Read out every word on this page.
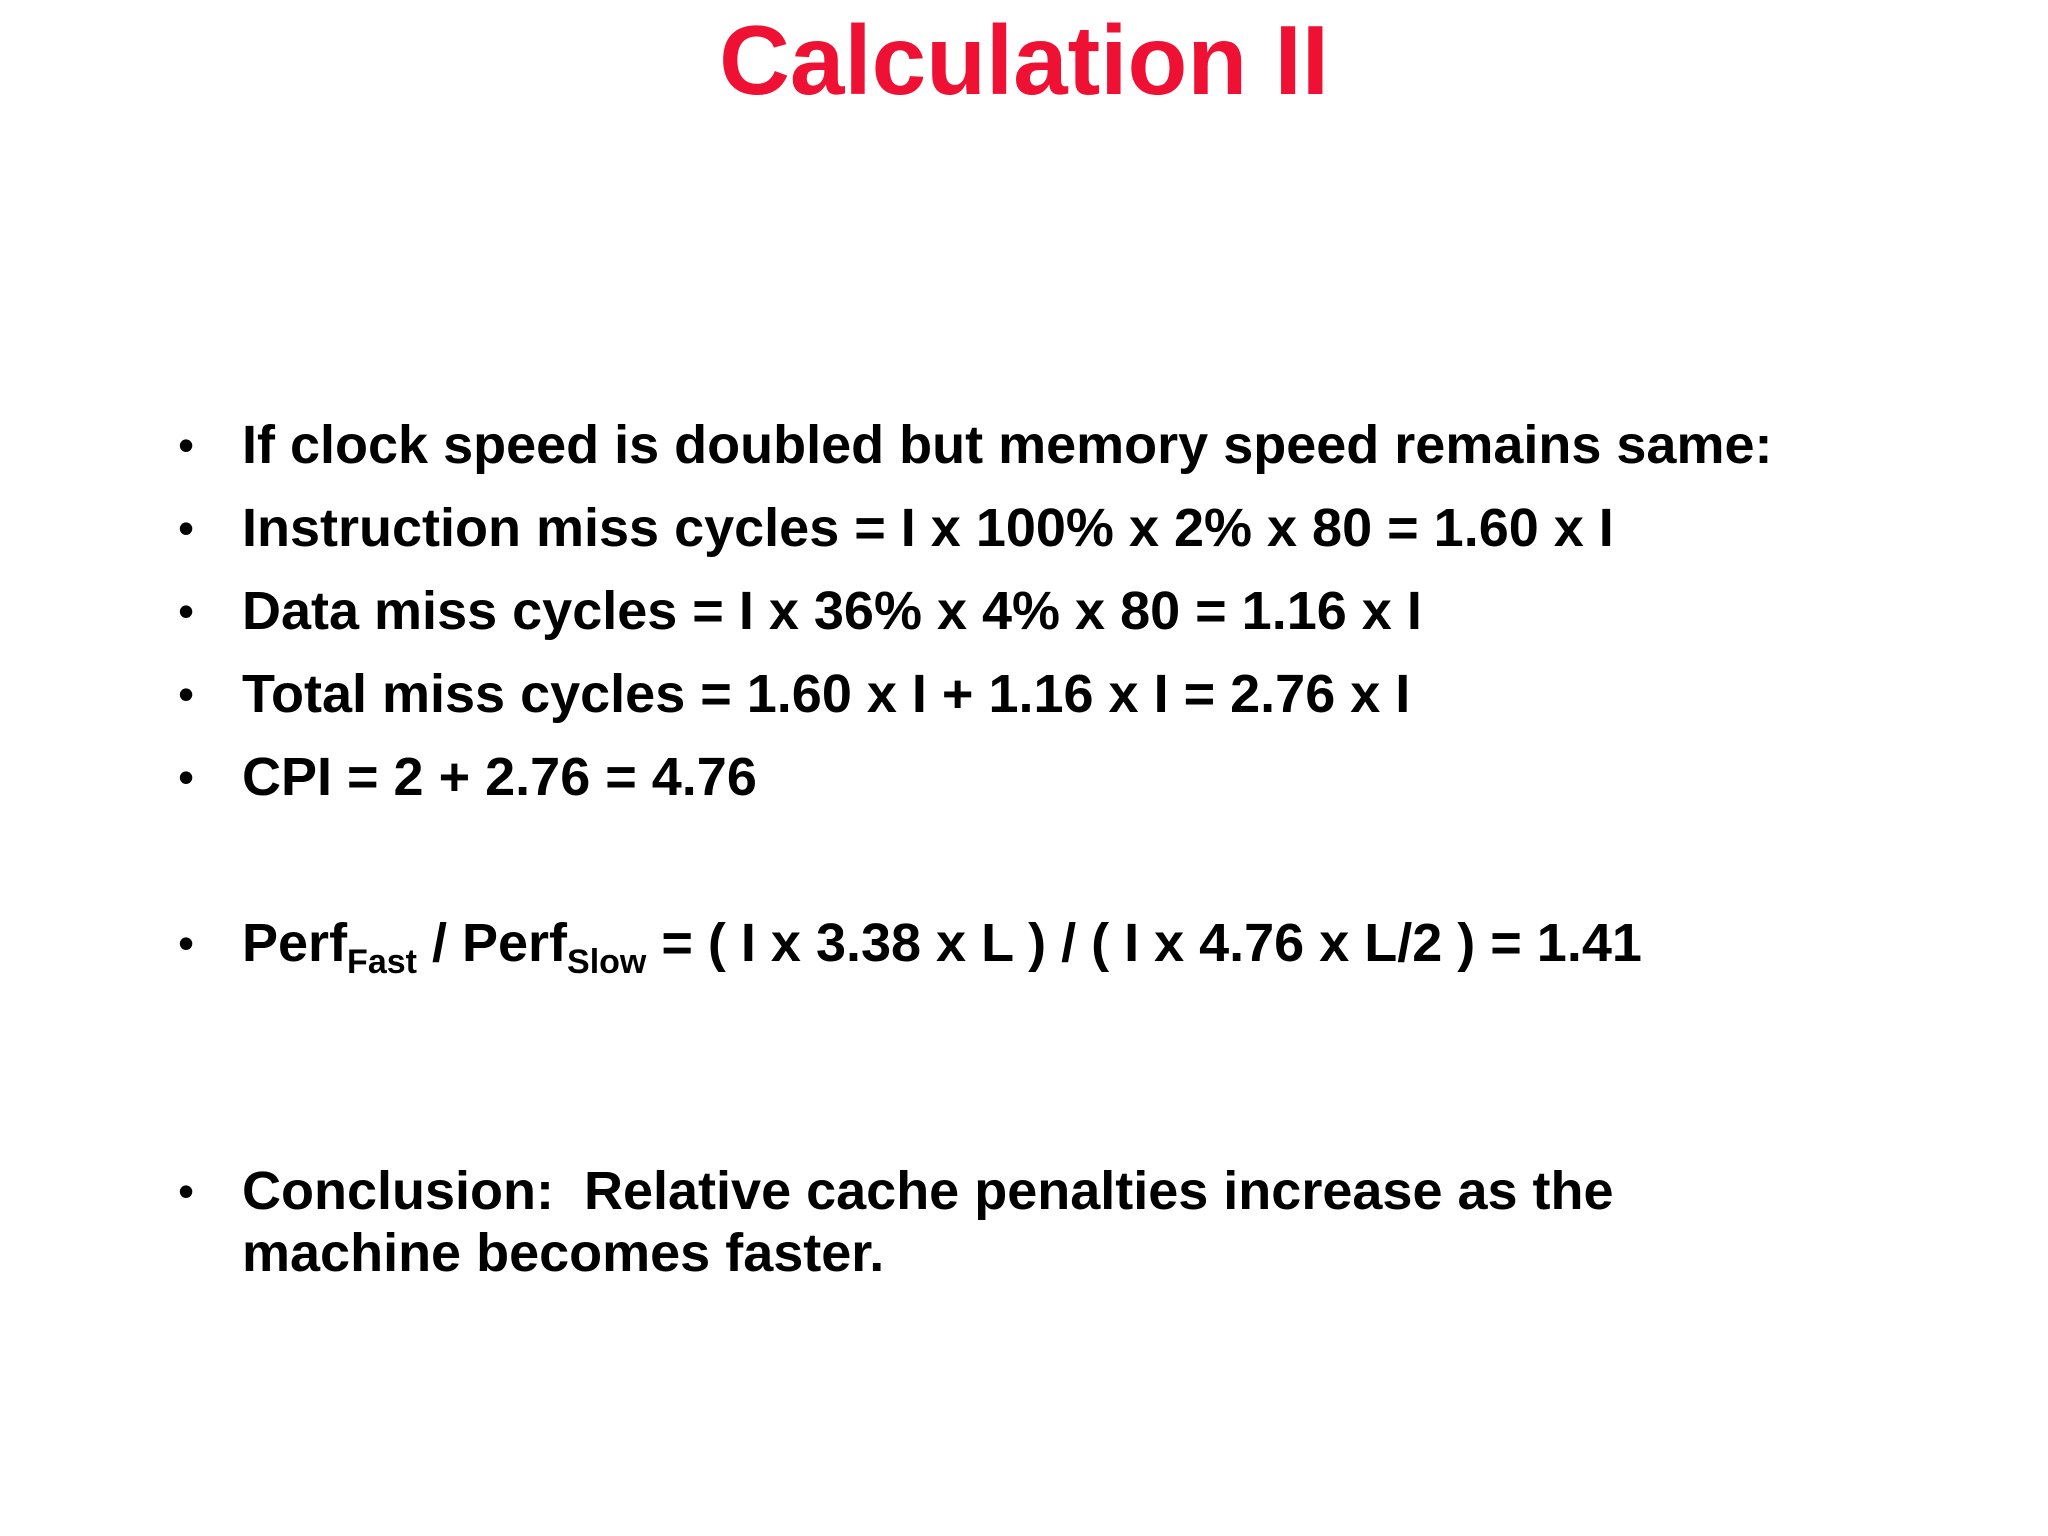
Calculation II
• If clock speed is doubled but memory speed remains same:
• Instruction miss cycles = I x 100% x 2% x 80 = 1.60 x I
• Data miss cycles = I x 36% x 4% x 80 = 1.16 x I
• Total miss cycles = 1.60 x I + 1.16 x I = 2.76 x I
• CPI = 2 + 2.76 = 4.76
• Perf$_{Fast}$ / Perf$_{Slow}$ = ( I x 3.38 x L ) / ( I x 4.76 x L/2 ) = 1.41
• Conclusion:  Relative cache penalties increase as the
machine becomes faster.
